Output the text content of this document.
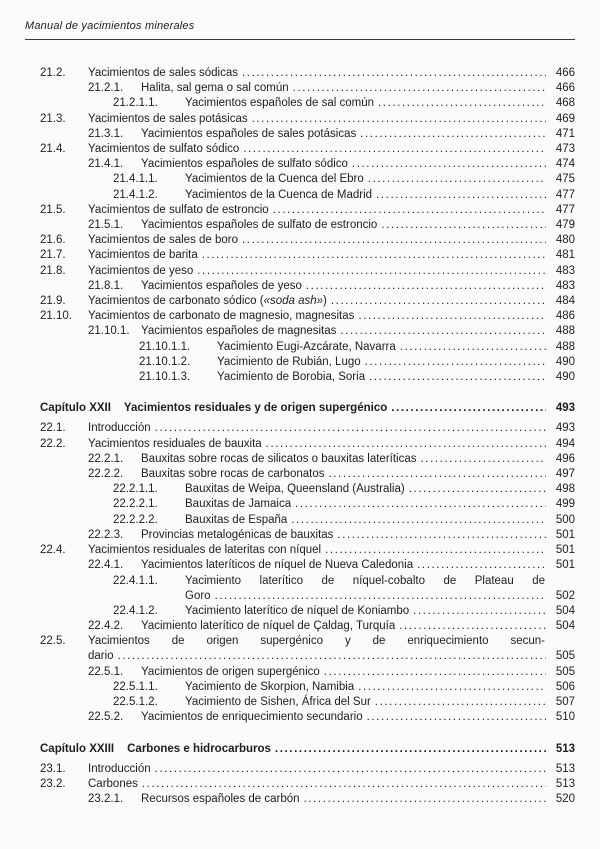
Manual de yacimientos minerales
21.2.	Yacimientos de sales sódicas .....	466
21.2.1.	Halita, sal gema o sal común .....	466
21.2.1.1.	Yacimientos españoles de sal común .....	468
21.3.	Yacimientos de sales potásicas .....	469
21.3.1.	Yacimientos españoles de sales potásicas .....	471
21.4.	Yacimientos de sulfato sódico .....	473
21.4.1.	Yacimientos españoles de sulfato sódico .....	474
21.4.1.1.	Yacimientos de la Cuenca del Ebro .....	475
21.4.1.2.	Yacimientos de la Cuenca de Madrid .....	477
21.5.	Yacimientos de sulfato de estroncio .....	477
21.5.1.	Yacimientos españoles de sulfato de estroncio .....	479
21.6.	Yacimientos de sales de boro .....	480
21.7.	Yacimientos de barita .....	481
21.8.	Yacimientos de yeso .....	483
21.8.1.	Yacimientos españoles de yeso .....	483
21.9.	Yacimientos de carbonato sódico («soda ash») .....	484
21.10.	Yacimientos de carbonato de magnesio, magnesitas .....	486
21.10.1. Yacimientos españoles de magnesitas .....	488
21.10.1.1.	Yacimiento Eugi-Azcárate, Navarra .....	488
21.10.1.2.	Yacimiento de Rubián, Lugo .....	490
21.10.1.3.	Yacimiento de Borobia, Soria .....	490
Capítulo XXII Yacimientos residuales y de origen supergénico .....	493
22.1.	Introducción .....	493
22.2.	Yacimientos residuales de bauxita .....	494
22.2.1.	Bauxitas sobre rocas de silicatos o bauxitas lateríticas .....	496
22.2.2.	Bauxitas sobre rocas de carbonatos .....	497
22.2.1.1.	Bauxitas de Weipa, Queensland (Australia) .....	498
22.2.2.1.	Bauxitas de Jamaica .....	499
22.2.2.2.	Bauxitas de España .....	500
22.2.3.	Provincias metalogénicas de bauxitas .....	501
22.4.	Yacimientos residuales de lateritas con níquel .....	501
22.4.1.	Yacimientos lateríticos de níquel de Nueva Caledonia .....	501
22.4.1.1.	Yacimiento laterítico de níquel-cobalto de Plateau de
Goro .....	502
22.4.1.2.	Yacimiento laterítico de níquel de Koniambo .....	504
22.4.2.	Yacimiento laterítico de níquel de Çaldag, Turquía .....	504
22.5.	Yacimientos de origen supergénico y de enriquecimiento secun-
dario .....	505
22.5.1.	Yacimientos de origen supergénico .....	505
22.5.1.1.	Yacimiento de Skorpion, Namibia .....	506
22.5.1.2.	Yacimiento de Sishen, África del Sur .....	507
22.5.2.	Yacimientos de enriquecimiento secundario .....	510
Capítulo XXIII Carbones e hidrocarburos .....	513
23.1.	Introducción .....	513
23.2.	Carbones .....	513
23.2.1.	Recursos españoles de carbón .....	520
